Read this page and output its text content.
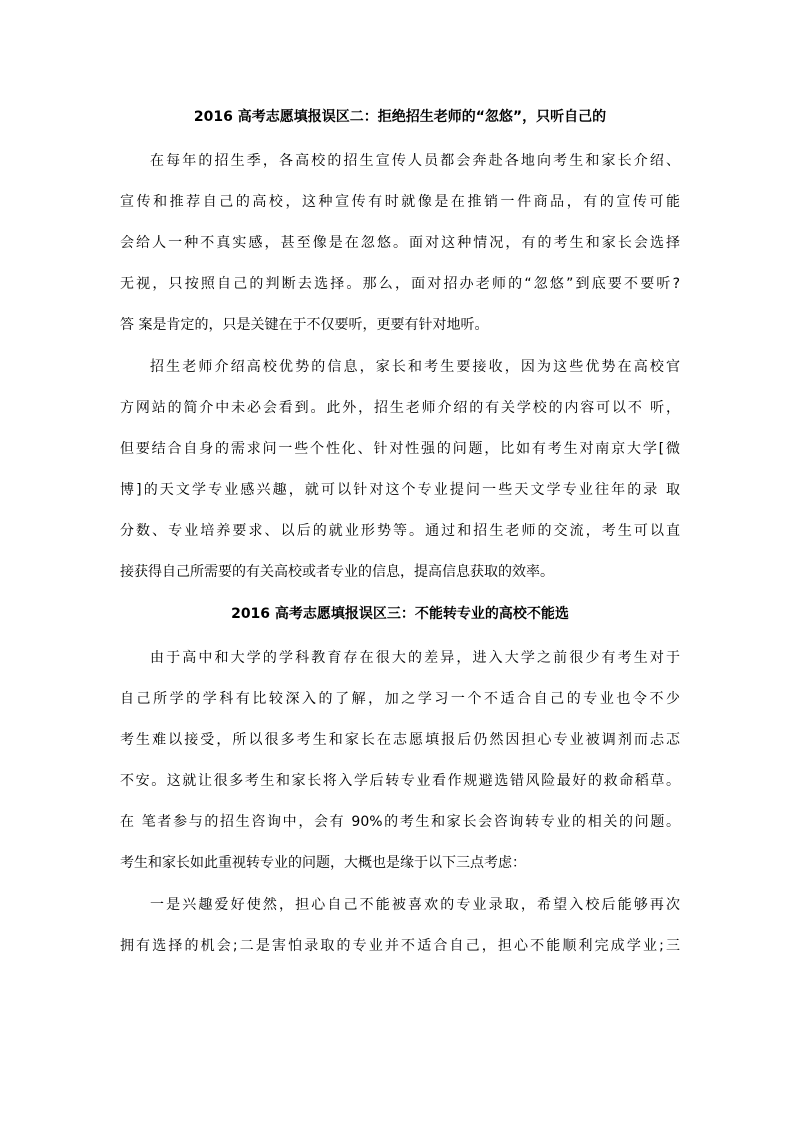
2016 高考志愿填报误区二：拒绝招生老师的“忽悠”，只听自己的
在每年的招生季，各高校的招生宣传人员都会奔赴各地向考生和家长介绍、
宣传和推荐自己的高校，这种宣传有时就像是在推销一件商品，有的宣传可能
会给人一种不真实感，甚至像是在忽悠。面对这种情况，有的考生和家长会选择
无视，只按照自己的判断去选择。那么，面对招办老师的“忽悠”到底要不要听?
答 案是肯定的，只是关键在于不仅要听，更要有针对地听。
招生老师介绍高校优势的信息，家长和考生要接收，因为这些优势在高校官
方网站的简介中未必会看到。此外，招生老师介绍的有关学校的内容可以不 听，
但要结合自身的需求问一些个性化、针对性强的问题，比如有考生对南京大学[微
博]的天文学专业感兴趣，就可以针对这个专业提问一些天文学专业往年的录 取
分数、专业培养要求、以后的就业形势等。通过和招生老师的交流，考生可以直
接获得自己所需要的有关高校或者专业的信息，提高信息获取的效率。
2016 高考志愿填报误区三：不能转专业的高校不能选
由于高中和大学的学科教育存在很大的差异，进入大学之前很少有考生对于
自己所学的学科有比较深入的了解，加之学习一个不适合自己的专业也令不少
考生难以接受，所以很多考生和家长在志愿填报后仍然因担心专业被调剂而忐忑
不安。这就让很多考生和家长将入学后转专业看作规避选错风险最好的救命稻草。
在 笔者参与的招生咨询中，会有 90%的考生和家长会咨询转专业的相关的问题。
考生和家长如此重视转专业的问题，大概也是缘于以下三点考虑：
一是兴趣爱好使然，担心自己不能被喜欢的专业录取，希望入校后能够再次
拥有选择的机会;二是害怕录取的专业并不适合自己，担心不能顺利完成学业;三
